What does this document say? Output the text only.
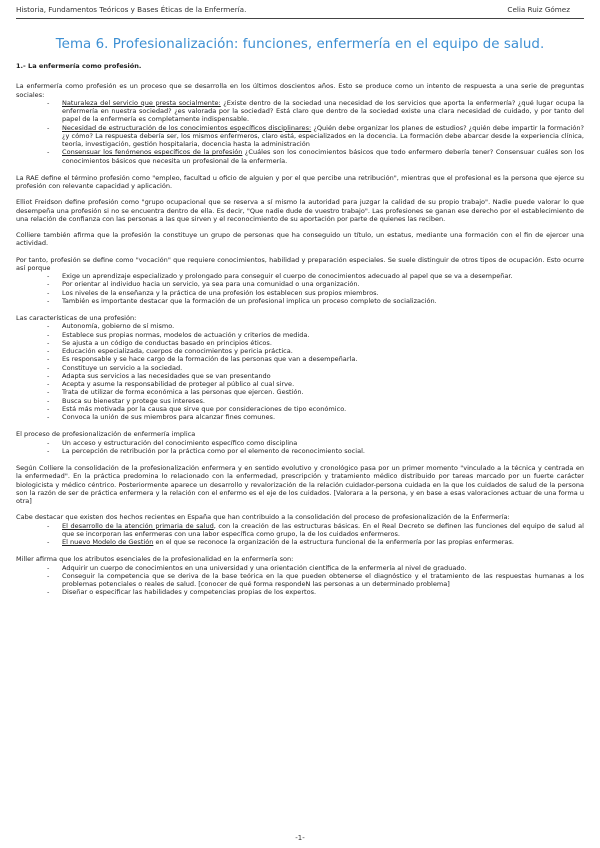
Historia, Fundamentos Teóricos y Bases Éticas de la Enfermería.	Celia Ruiz Gómez
Tema 6. Profesionalización: funciones, enfermería en el equipo de salud.

1.- La enfermería como profesión.

La enfermería como profesión es un proceso que se desarrolla en los últimos doscientos años. Esto se produce como un intento de respuesta a una serie de preguntas sociales:

- Naturaleza del servicio que presta socialmente: ¿Existe dentro de la sociedad una necesidad de los servicios que aporta la enfermería? ¿qué lugar ocupa la enfermería en nuestra sociedad? ¿es valorada por la sociedad? Está claro que dentro de la sociedad existe una clara necesidad de cuidado, y por tanto del papel de la enfermería es completamente indispensable.
- Necesidad de estructuración de los conocimientos específicos disciplinares: ¿Quién debe organizar los planes de estudios? ¿quién debe impartir la formación? ¿y cómo? La respuesta debería ser, los mismos enfermeros, claro está, especializados en la docencia. La formación debe abarcar desde la experiencia clínica, teoría, investigación, gestión hospitalaria, docencia hasta la administración
- Consensuar los fenómenos específicos de la profesión ¿Cuáles son los conocimientos básicos que todo enfermero debería tener? Consensuar cuáles son los conocimientos básicos que necesita un profesional de la enfermería.

La RAE define el término profesión como "empleo, facultad u oficio de alguien y por el que percibe una retribución", mientras que el profesional es la persona que ejerce su profesión con relevante capacidad y aplicación.

Elliot Freidson define profesión como "grupo ocupacional que se reserva a sí mismo la autoridad para juzgar la calidad de su propio trabajo". Nadie puede valorar lo que desempeña una profesión si no se encuentra dentro de ella. Es decir, "Que nadie dude de vuestro trabajo". Las profesiones se ganan ese derecho por el establecimiento de una relación de confianza con las personas a las que sirven y el reconocimiento de su aportación por parte de quienes las reciben.

Colliere también afirma que la profesión la constituye un grupo de personas que ha conseguido un título, un estatus, mediante una formación con el fin de ejercer una actividad.

Por tanto, profesión se define como "vocación" que requiere conocimientos, habilidad y preparación especiales. Se suele distinguir de otros tipos de ocupación. Esto ocurre así porque

- Exige un aprendizaje especializado y prolongado para conseguir el cuerpo de conocimientos adecuado al papel que se va a desempeñar.
- Por orientar al individuo hacia un servicio, ya sea para una comunidad o una organización.
- Los niveles de la enseñanza y la práctica de una profesión los establecen sus propios miembros.
- También es importante destacar que la formación de un profesional implica un proceso completo de socialización.

Las características de una profesión:

- Autonomía, gobierno de sí mismo.
- Establece sus propias normas, modelos de actuación y criterios de medida.
- Se ajusta a un código de conductas basado en principios éticos.
- Educación especializada, cuerpos de conocimientos y pericia práctica.
- Es responsable y se hace cargo de la formación de las personas que van a desempeñarla.
- Constituye un servicio a la sociedad.
- Adapta sus servicios a las necesidades que se van presentando
- Acepta y asume la responsabilidad de proteger al público al cual sirve.
- Trata de utilizar de forma económica a las personas que ejercen. Gestión.
- Busca su bienestar y protege sus intereses.
- Está más motivada por la causa que sirve que por consideraciones de tipo económico.
- Convoca la unión de sus miembros para alcanzar fines comunes.

El proceso de profesionalización de enfermería implica

- Un acceso y estructuración del conocimiento específico como disciplina
- La percepción de retribución por la práctica como por el elemento de reconocimiento social.

Según Colliere la consolidación de la profesionalización enfermera y en sentido evolutivo y cronológico pasa por un primer momento "vinculado a la técnica y centrada en la enfermedad". En la práctica predomina lo relacionado con la enfermedad, prescripción y tratamiento médico distribuido por tareas marcado por un fuerte carácter biologicista y médico céntrico. Posteriormente aparece un desarrollo y revalorización de la relación cuidador-persona cuidada en la que los cuidados de salud de la persona son la razón de ser de práctica enfermera y la relación con el enfermo es el eje de los cuidados. [Valorara a la persona, y en base a esas valoraciones actuar de una forma u otra]

Cabe destacar que existen dos hechos recientes en España que han contribuido a la consolidación del proceso de profesionalización de la Enfermería:

- El desarrollo de la atención primaria de salud, con la creación de las estructuras básicas. En el Real Decreto se definen las funciones del equipo de salud al que se incorporan las enfermeras con una labor específica como grupo, la de los cuidados enfermeros.
- El nuevo Modelo de Gestión en el que se reconoce la organización de la estructura funcional de la enfermería por las propias enfermeras.

Miller afirma que los atributos esenciales de la profesionalidad en la enfermería son:

- Adquirir un cuerpo de conocimientos en una universidad y una orientación científica de la enfermería al nivel de graduado.
- Conseguir la competencia que se deriva de la base teórica en la que pueden obtenerse el diagnóstico y el tratamiento de las respuestas humanas a los problemas potenciales o reales de salud. [conocer de qué forma respondeN las personas a un determinado problema]
- Diseñar o especificar las habilidades y competencias propias de los expertos.
-1-
